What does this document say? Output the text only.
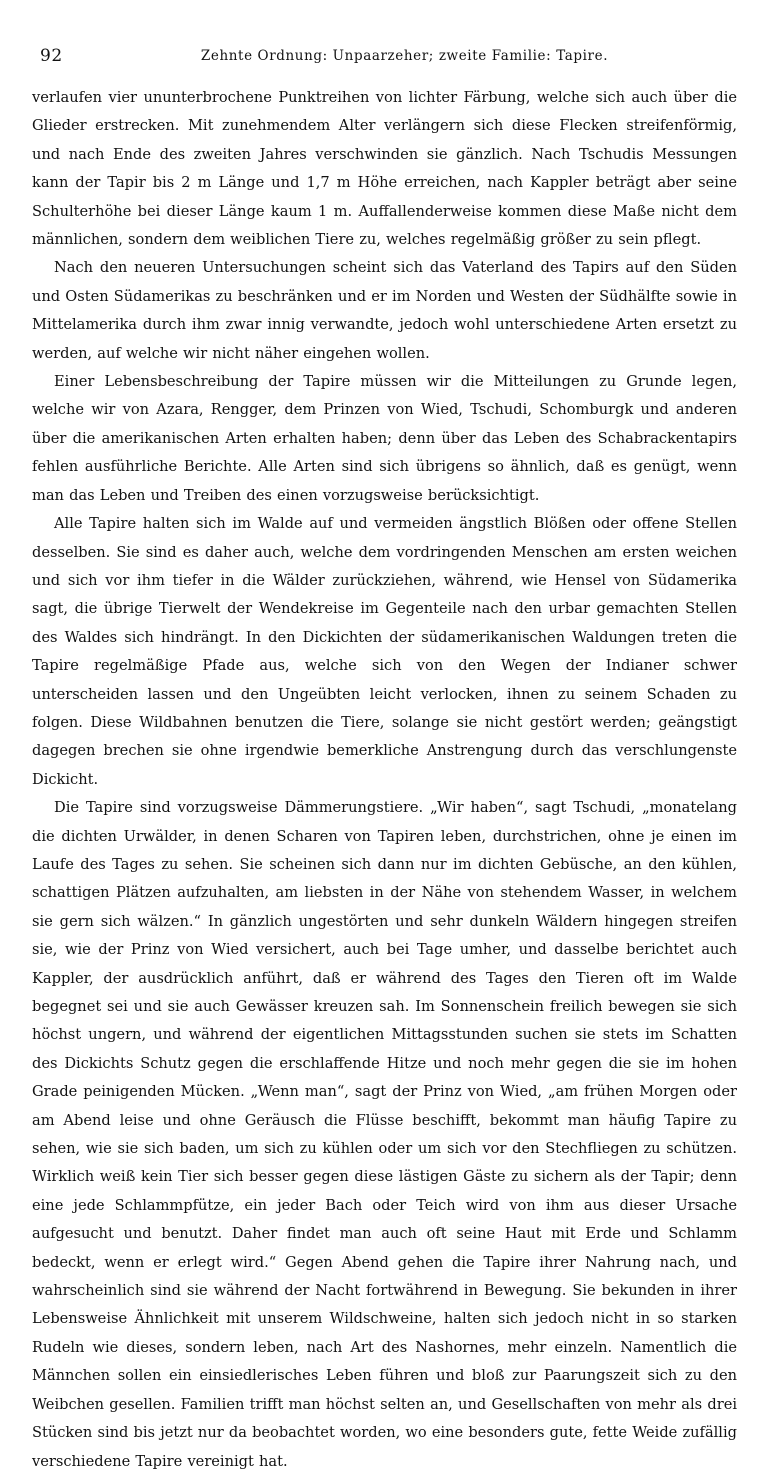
92	Zehnte Ordnung: Unpaarzeher; zweite Familie: Tapire.

verlaufen vier ununterbrochene Punktreihen von lichter Färbung, welche sich auch über die Glieder erstrecken. Mit zunehmendem Alter verlängern sich diese Flecken streifenförmig, und nach Ende des zweiten Jahres verschwinden sie gänzlich. Nach Tschudis Messungen kann der Tapir bis 2 m Länge und 1,7 m Höhe erreichen, nach Kappler beträgt aber seine Schulterhöhe bei dieser Länge kaum 1 m. Auffallenderweise kommen diese Maße nicht dem männlichen, sondern dem weiblichen Tiere zu, welches regelmäßig größer zu sein pflegt.

Nach den neueren Untersuchungen scheint sich das Vaterland des Tapirs auf den Süden und Osten Südamerikas zu beschränken und er im Norden und Westen der Südhälfte sowie in Mittelamerika durch ihm zwar innig verwandte, jedoch wohl unterschiedene Arten ersetzt zu werden, auf welche wir nicht näher eingehen wollen.

Einer Lebensbeschreibung der Tapire müssen wir die Mitteilungen zu Grunde legen, welche wir von Azara, Rengger, dem Prinzen von Wied, Tschudi, Schomburgk und anderen über die amerikanischen Arten erhalten haben; denn über das Leben des Schabrackentapirs fehlen ausführliche Berichte. Alle Arten sind sich übrigens so ähnlich, daß es genügt, wenn man das Leben und Treiben des einen vorzugsweise berücksichtigt.

Alle Tapire halten sich im Walde auf und vermeiden ängstlich Blößen oder offene Stellen desselben. Sie sind es daher auch, welche dem vordringenden Menschen am ersten weichen und sich vor ihm tiefer in die Wälder zurückziehen, während, wie Hensel von Südamerika sagt, die übrige Tierwelt der Wendekreise im Gegenteile nach den urbar gemachten Stellen des Waldes sich hindrängt. In den Dickichten der südamerikanischen Waldungen treten die Tapire regelmäßige Pfade aus, welche sich von den Wegen der Indianer schwer unterscheiden lassen und den Ungeübten leicht verlocken, ihnen zu seinem Schaden zu folgen. Diese Wildbahnen benutzen die Tiere, solange sie nicht gestört werden; geängstigt dagegen brechen sie ohne irgendwie bemerkliche Anstrengung durch das verschlungenste Dickicht.

Die Tapire sind vorzugsweise Dämmerungstiere. „Wir haben“, sagt Tschudi, „monatelang die dichten Urwälder, in denen Scharen von Tapiren leben, durchstrichen, ohne je einen im Laufe des Tages zu sehen. Sie scheinen sich dann nur im dichten Gebüsche, an den kühlen, schattigen Plätzen aufzuhalten, am liebsten in der Nähe von stehendem Wasser, in welchem sie gern sich wälzen.“ In gänzlich ungestörten und sehr dunkeln Wäldern hingegen streifen sie, wie der Prinz von Wied versichert, auch bei Tage umher, und dasselbe berichtet auch Kappler, der ausdrücklich anführt, daß er während des Tages den Tieren oft im Walde begegnet sei und sie auch Gewässer kreuzen sah. Im Sonnenschein freilich bewegen sie sich höchst ungern, und während der eigentlichen Mittagsstunden suchen sie stets im Schatten des Dickichts Schutz gegen die erschlaffende Hitze und noch mehr gegen die sie im hohen Grade peinigenden Mücken. „Wenn man“, sagt der Prinz von Wied, „am frühen Morgen oder am Abend leise und ohne Geräusch die Flüsse beschifft, bekommt man häufig Tapire zu sehen, wie sie sich baden, um sich zu kühlen oder um sich vor den Stechfliegen zu schützen. Wirklich weiß kein Tier sich besser gegen diese lästigen Gäste zu sichern als der Tapir; denn eine jede Schlammpfütze, ein jeder Bach oder Teich wird von ihm aus dieser Ursache aufgesucht und benutzt. Daher findet man auch oft seine Haut mit Erde und Schlamm bedeckt, wenn er erlegt wird.“ Gegen Abend gehen die Tapire ihrer Nahrung nach, und wahrscheinlich sind sie während der Nacht fortwährend in Bewegung. Sie bekunden in ihrer Lebensweise Ähnlichkeit mit unserem Wildschweine, halten sich jedoch nicht in so starken Rudeln wie dieses, sondern leben, nach Art des Nashornes, mehr einzeln. Namentlich die Männchen sollen ein einsiedlerisches Leben führen und bloß zur Paarungszeit sich zu den Weibchen gesellen. Familien trifft man höchst selten an, und Gesellschaften von mehr als drei Stücken sind bis jetzt nur da beobachtet worden, wo eine besonders gute, fette Weide zufällig verschiedene Tapire vereinigt hat.
